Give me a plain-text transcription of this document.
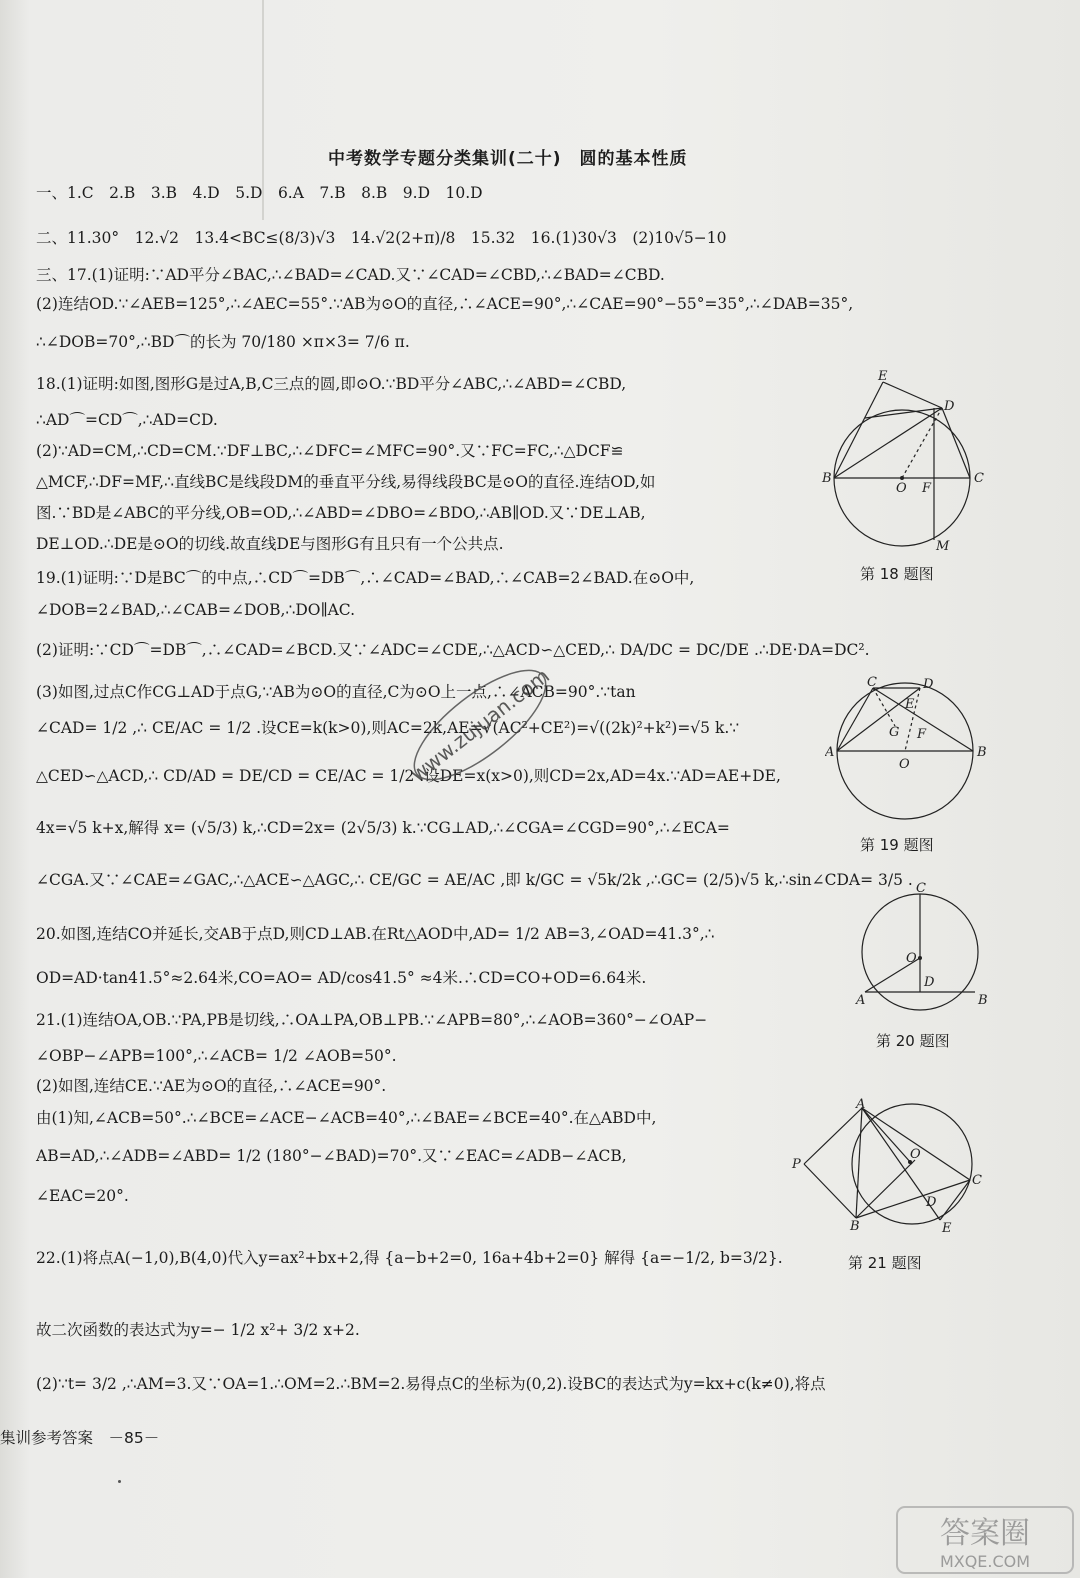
中考数学专题分类集训(二十)　圆的基本性质
一、1.C　2.B　3.B　4.D　5.D　6.A　7.B　8.B　9.D　10.D
二、11.30°　12.√2　13.4<BC≤(8/3)√3　14.√2(2+π)/8　15.32　16.(1)30√3　(2)10√5−10
三、17.(1)证明:∵AD平分∠BAC,∴∠BAD=∠CAD.又∵∠CAD=∠CBD,∴∠BAD=∠CBD.
(2)连结OD.∵∠AEB=125°,∴∠AEC=55°.∵AB为⊙O的直径,∴∠ACE=90°,∴∠CAE=90°−55°=35°,∴∠DAB=35°,
∴∠DOB=70°,∴BD⌒的长为 70/180 ×π×3= 7/6 π.
18.(1)证明:如图,图形G是过A,B,C三点的圆,即⊙O.∵BD平分∠ABC,∴∠ABD=∠CBD,
∴AD⌒=CD⌒,∴AD=CD.
(2)∵AD=CM,∴CD=CM.∵DF⊥BC,∴∠DFC=∠MFC=90°.又∵FC=FC,∴△DCF≌
△MCF,∴DF=MF,∴直线BC是线段DM的垂直平分线,易得线段BC是⊙O的直径.连结OD,如
图.∵BD是∠ABC的平分线,OB=OD,∴∠ABD=∠DBO=∠BDO,∴AB∥OD.又∵DE⊥AB,
DE⊥OD.∴DE是⊙O的切线.故直线DE与图形G有且只有一个公共点.
19.(1)证明:∵D是BC⌒的中点,∴CD⌒=DB⌒,∴∠CAD=∠BAD,∴∠CAB=2∠BAD.在⊙O中,
∠DOB=2∠BAD,∴∠CAB=∠DOB,∴DO∥AC.
(2)证明:∵CD⌒=DB⌒,∴∠CAD=∠BCD.又∵∠ADC=∠CDE,∴△ACD∽△CED,∴ DA/DC = DC/DE .∴DE·DA=DC².
(3)如图,过点C作CG⊥AD于点G,∵AB为⊙O的直径,C为⊙O上一点,∴∠ACB=90°.∵tan
∠CAD= 1/2 ,∴ CE/AC = 1/2 .设CE=k(k>0),则AC=2k,AE=√(AC²+CE²)=√((2k)²+k²)=√5 k.∵
△CED∽△ACD,∴ CD/AD = DE/CD = CE/AC = 1/2 .设DE=x(x>0),则CD=2x,AD=4x.∵AD=AE+DE,
4x=√5 k+x,解得 x= (√5/3) k,∴CD=2x= (2√5/3) k.∵CG⊥AD,∴∠CGA=∠CGD=90°,∴∠ECA=
∠CGA.又∵∠CAE=∠GAC,∴△ACE∽△AGC,∴ CE/GC = AE/AC ,即 k/GC = √5k/2k ,∴GC= (2/5)√5 k,∴sin∠CDA= 3/5 .
20.如图,连结CO并延长,交AB于点D,则CD⊥AB.在Rt△AOD中,AD= 1/2 AB=3,∠OAD=41.3°,∴
OD=AD·tan41.5°≈2.64米,CO=AO= AD/cos41.5° ≈4米.∴CD=CO+OD=6.64米.
21.(1)连结OA,OB.∵PA,PB是切线,∴OA⊥PA,OB⊥PB.∵∠APB=80°,∴∠AOB=360°−∠OAP−
∠OBP−∠APB=100°,∴∠ACB= 1/2 ∠AOB=50°.
(2)如图,连结CE.∵AE为⊙O的直径,∴∠ACE=90°.
由(1)知,∠ACB=50°.∴∠BCE=∠ACE−∠ACB=40°,∴∠BAE=∠BCE=40°.在△ABD中,
AB=AD,∴∠ADB=∠ABD= 1/2 (180°−∠BAD)=70°.又∵∠EAC=∠ADB−∠ACB,
∠EAC=20°.
22.(1)将点A(−1,0),B(4,0)代入y=ax²+bx+2,得 {a−b+2=0, 16a+4b+2=0} 解得 {a=−1/2, b=3/2}.
故二次函数的表达式为y=− 1/2 x²+ 3/2 x+2.
(2)∵t= 3/2 ,∴AM=3.又∵OA=1.∴OM=2.∴BM=2.易得点C的坐标为(0,2).设BC的表达式为y=kx+c(k≠0),将点
E
D
B
O F
C
M
第 18 题图
C	D
E
G F
A
O
B
第 19 题图
C
O
A
D
B
第 20 题图
A
P
O
C
D
B	E
第 21 题图
www.zujuan.com
集训参考答案　－85－
答案圈
MXQE.COM
